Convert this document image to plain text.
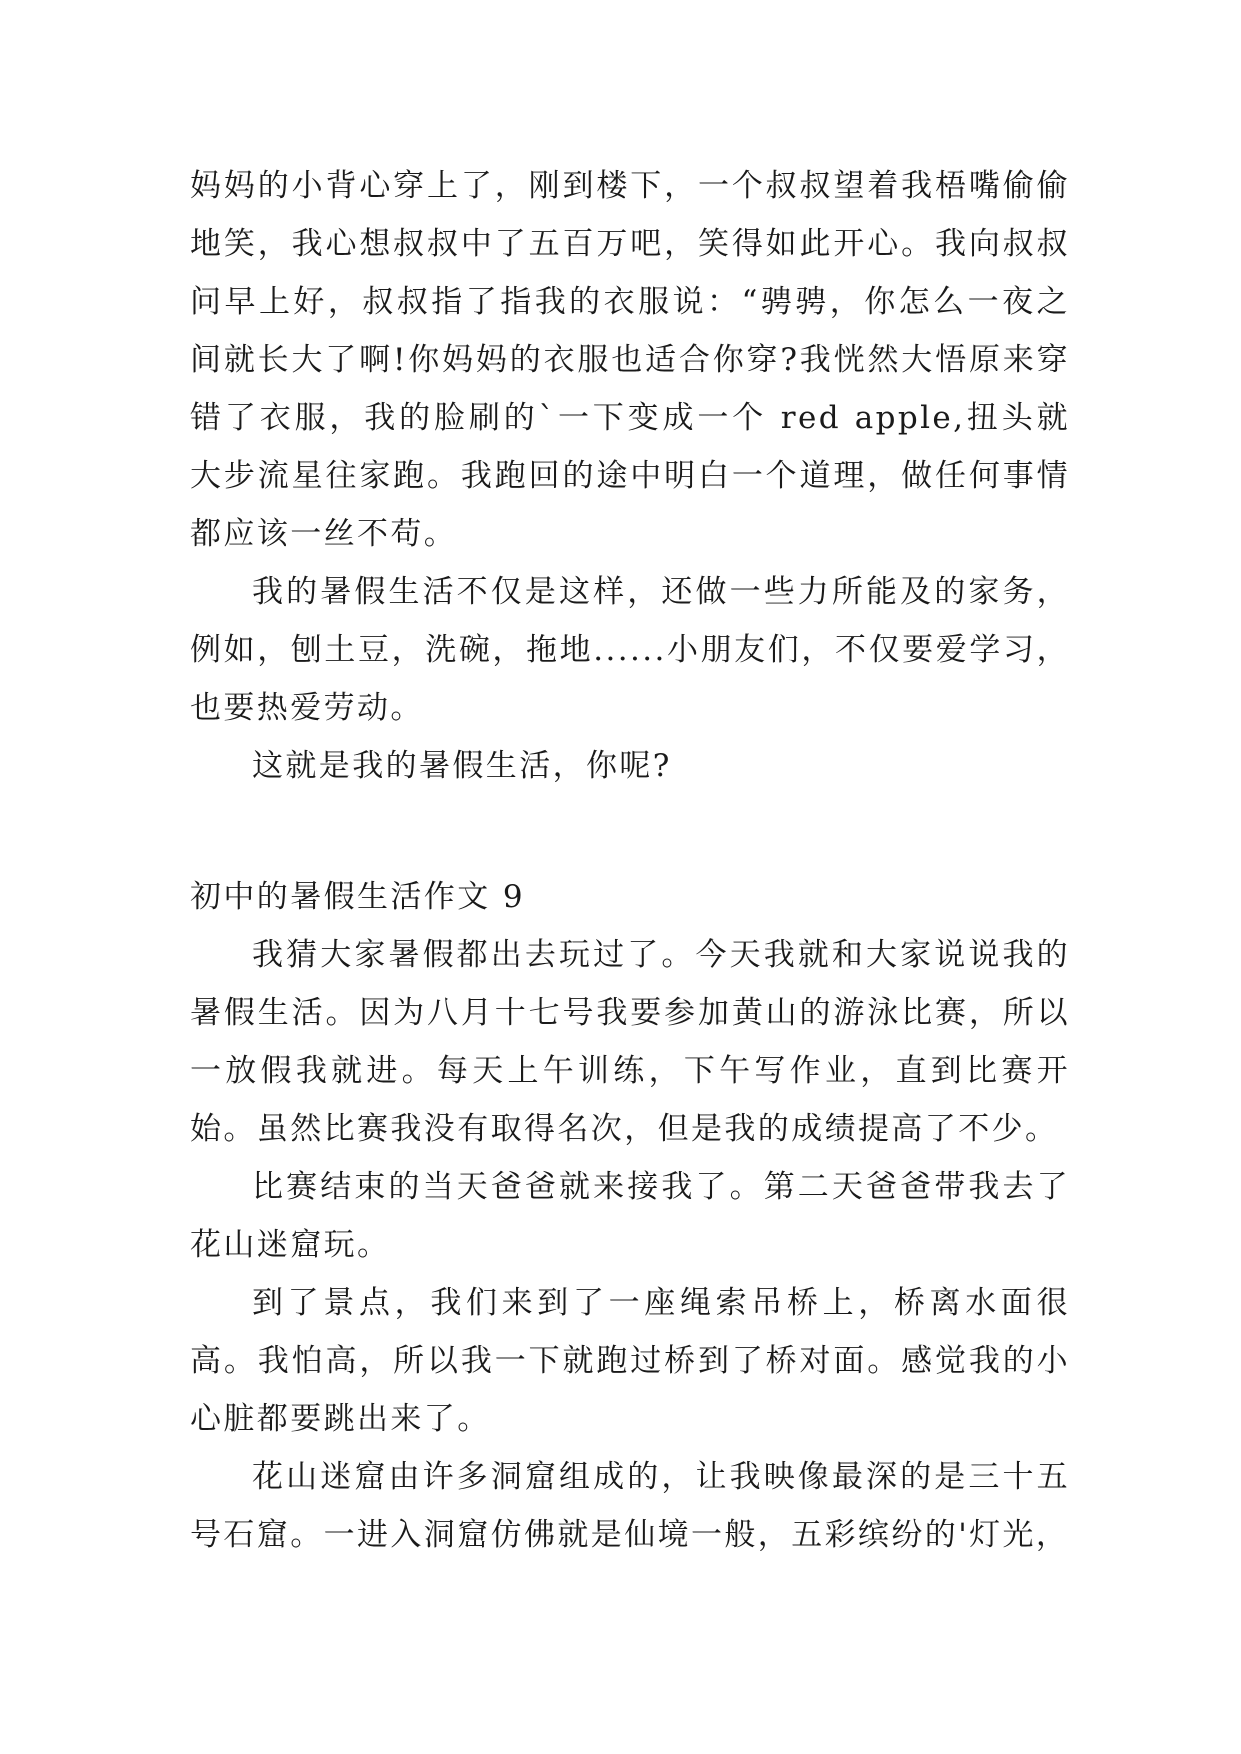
妈妈的小背心穿上了，刚到楼下，一个叔叔望着我梧嘴偷偷地笑，我心想叔叔中了五百万吧，笑得如此开心。我向叔叔问早上好，叔叔指了指我的衣服说：“骋骋，你怎么一夜之间就长大了啊!你妈妈的衣服也适合你穿?我恍然大悟原来穿错了衣服，我的脸刷的`一下变成一个 red apple,扭头就大步流星往家跑。我跑回的途中明白一个道理，做任何事情都应该一丝不苟。

我的暑假生活不仅是这样，还做一些力所能及的家务，例如，刨土豆，洗碗，拖地......小朋友们，不仅要爱学习，也要热爱劳动。

这就是我的暑假生活，你呢?

初中的暑假生活作文 9

我猜大家暑假都出去玩过了。今天我就和大家说说我的暑假生活。因为八月十七号我要参加黄山的游泳比赛，所以一放假我就进。每天上午训练，下午写作业，直到比赛开始。虽然比赛我没有取得名次，但是我的成绩提高了不少。

比赛结束的当天爸爸就来接我了。第二天爸爸带我去了花山迷窟玩。

到了景点，我们来到了一座绳索吊桥上，桥离水面很高。我怕高，所以我一下就跑过桥到了桥对面。感觉我的小心脏都要跳出来了。

花山迷窟由许多洞窟组成的，让我映像最深的是三十五号石窟。一进入洞窟仿佛就是仙境一般，五彩缤纷的'灯光，
